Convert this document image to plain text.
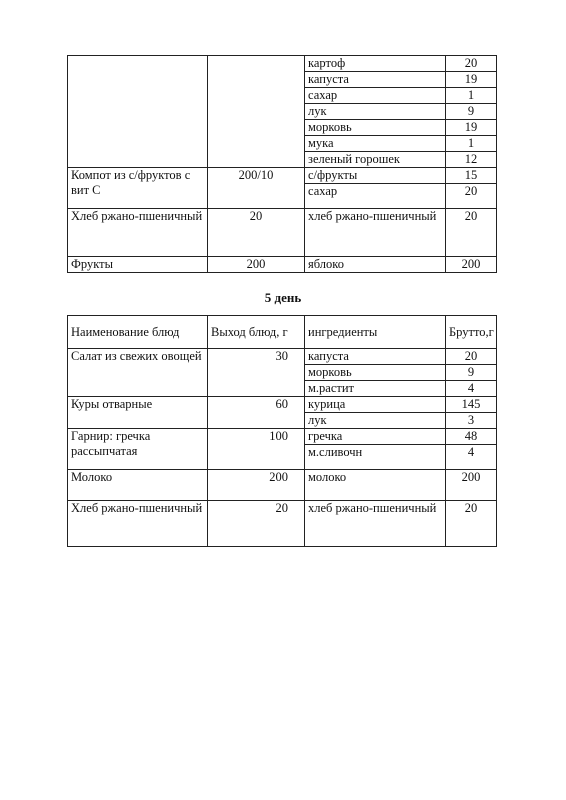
		картоф	20
		капуста	19
		сахар	1
		лук	9
		морковь	19
		мука	1
		зеленый горошек	12
Компот из с/фруктов с вит С	200/10	с/фрукты	15
		сахар	20
Хлеб ржано-пшеничный	20	хлеб ржано-пшеничный	20
Фрукты	200	яблоко	200
5 день
Наименование блюд	Выход блюд, г	ингредиенты	Брутто,г
Салат из свежих овощей	30	капуста	20
		морковь	9
		м.растит	4
Куры отварные	60	курица	145
		лук	3
Гарнир: гречка рассыпчатая	100	гречка	48
		м.сливочн	4
Молоко	200	молоко	200
Хлеб ржано-пшеничный	20	хлеб ржано-пшеничный	20
